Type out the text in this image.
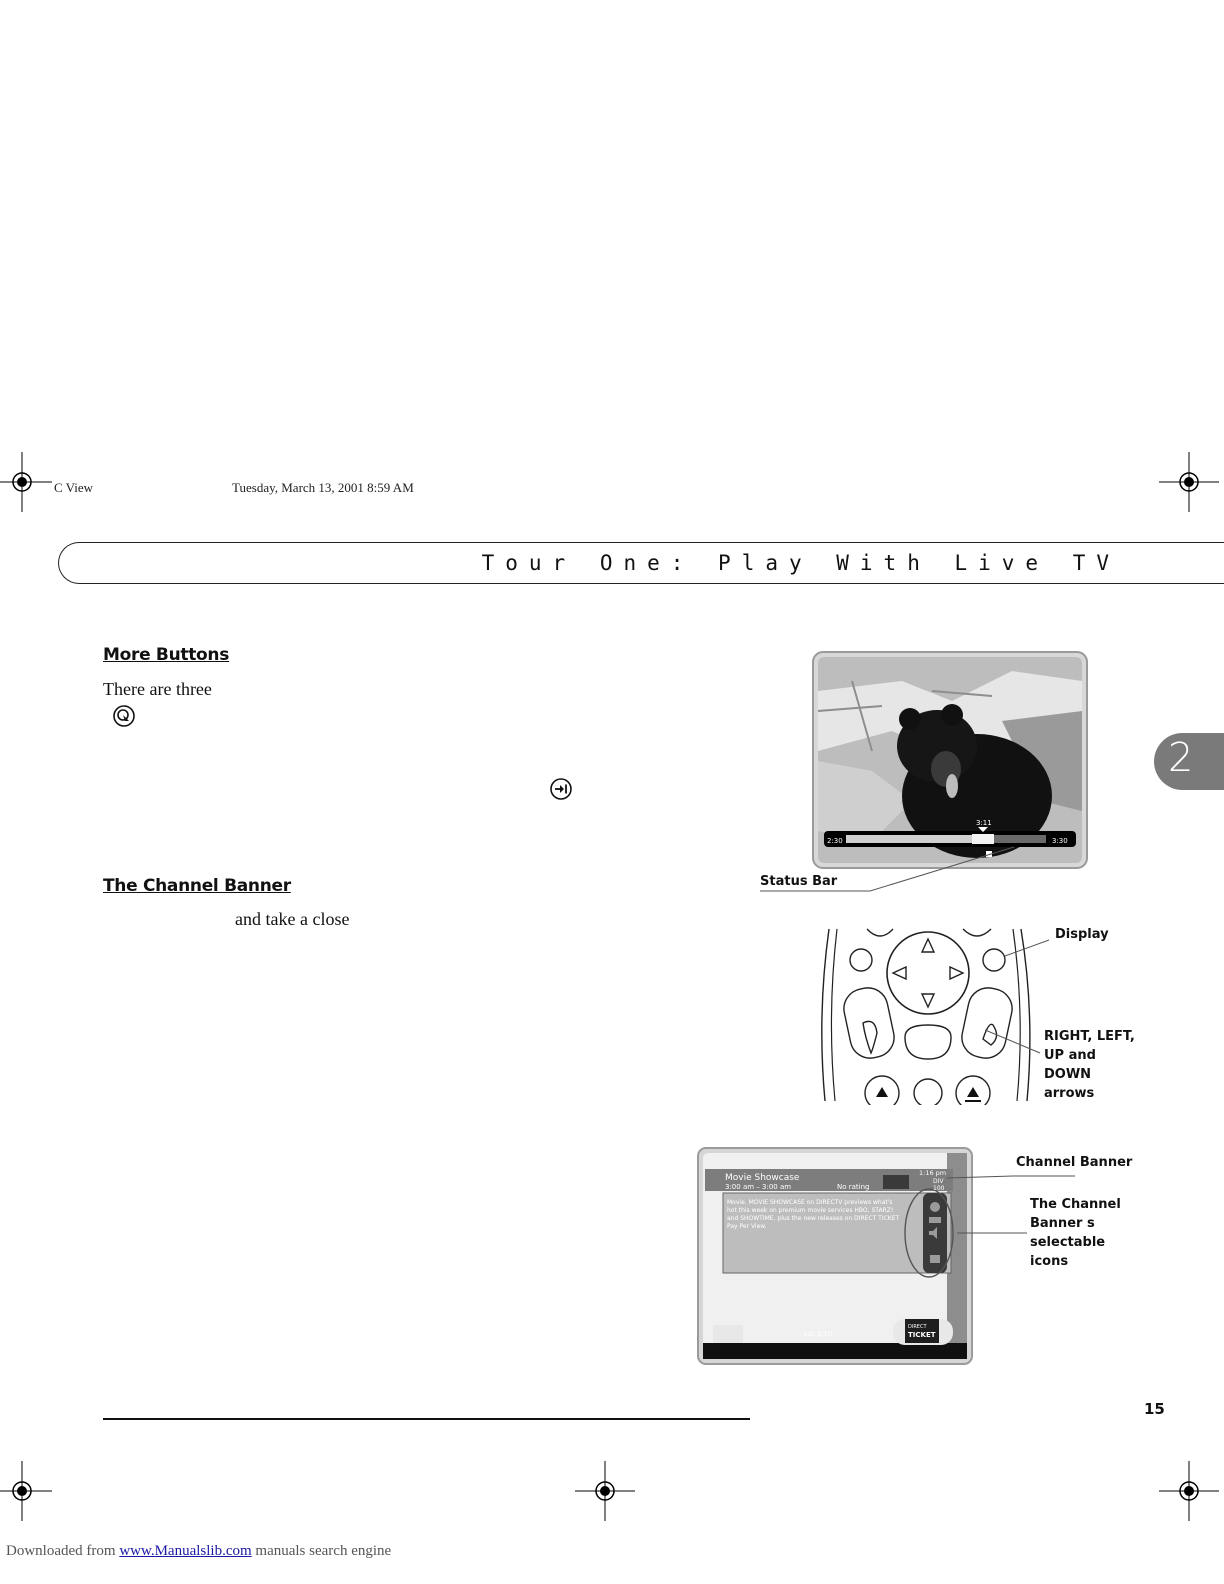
C View	Tuesday, March 13, 2001 8:59 AM
Tour One: Play With Live TV
2
More Buttons
There are three
The Channel Banner
and take a close
2:30
3:11
3:30
Status Bar
Display
RIGHT, LEFT,
UP and
DOWN
arrows
Movie Showcase
3:00 am – 3:00 am	No rating
1:16 pm
DIV
100
Movie. MOVIE SHOWCASE on DIRECTV previews what's
hot this week on premium movie services HBO, STARZ!
and SHOWTIME, plus the new releases on DIRECT TICKET
Pay Per View.
Sat 3/10
DIRECT
TICKET
Channel Banner
The Channel
Banner s
selectable
icons
15
Downloaded from www.Manualslib.com manuals search engine
